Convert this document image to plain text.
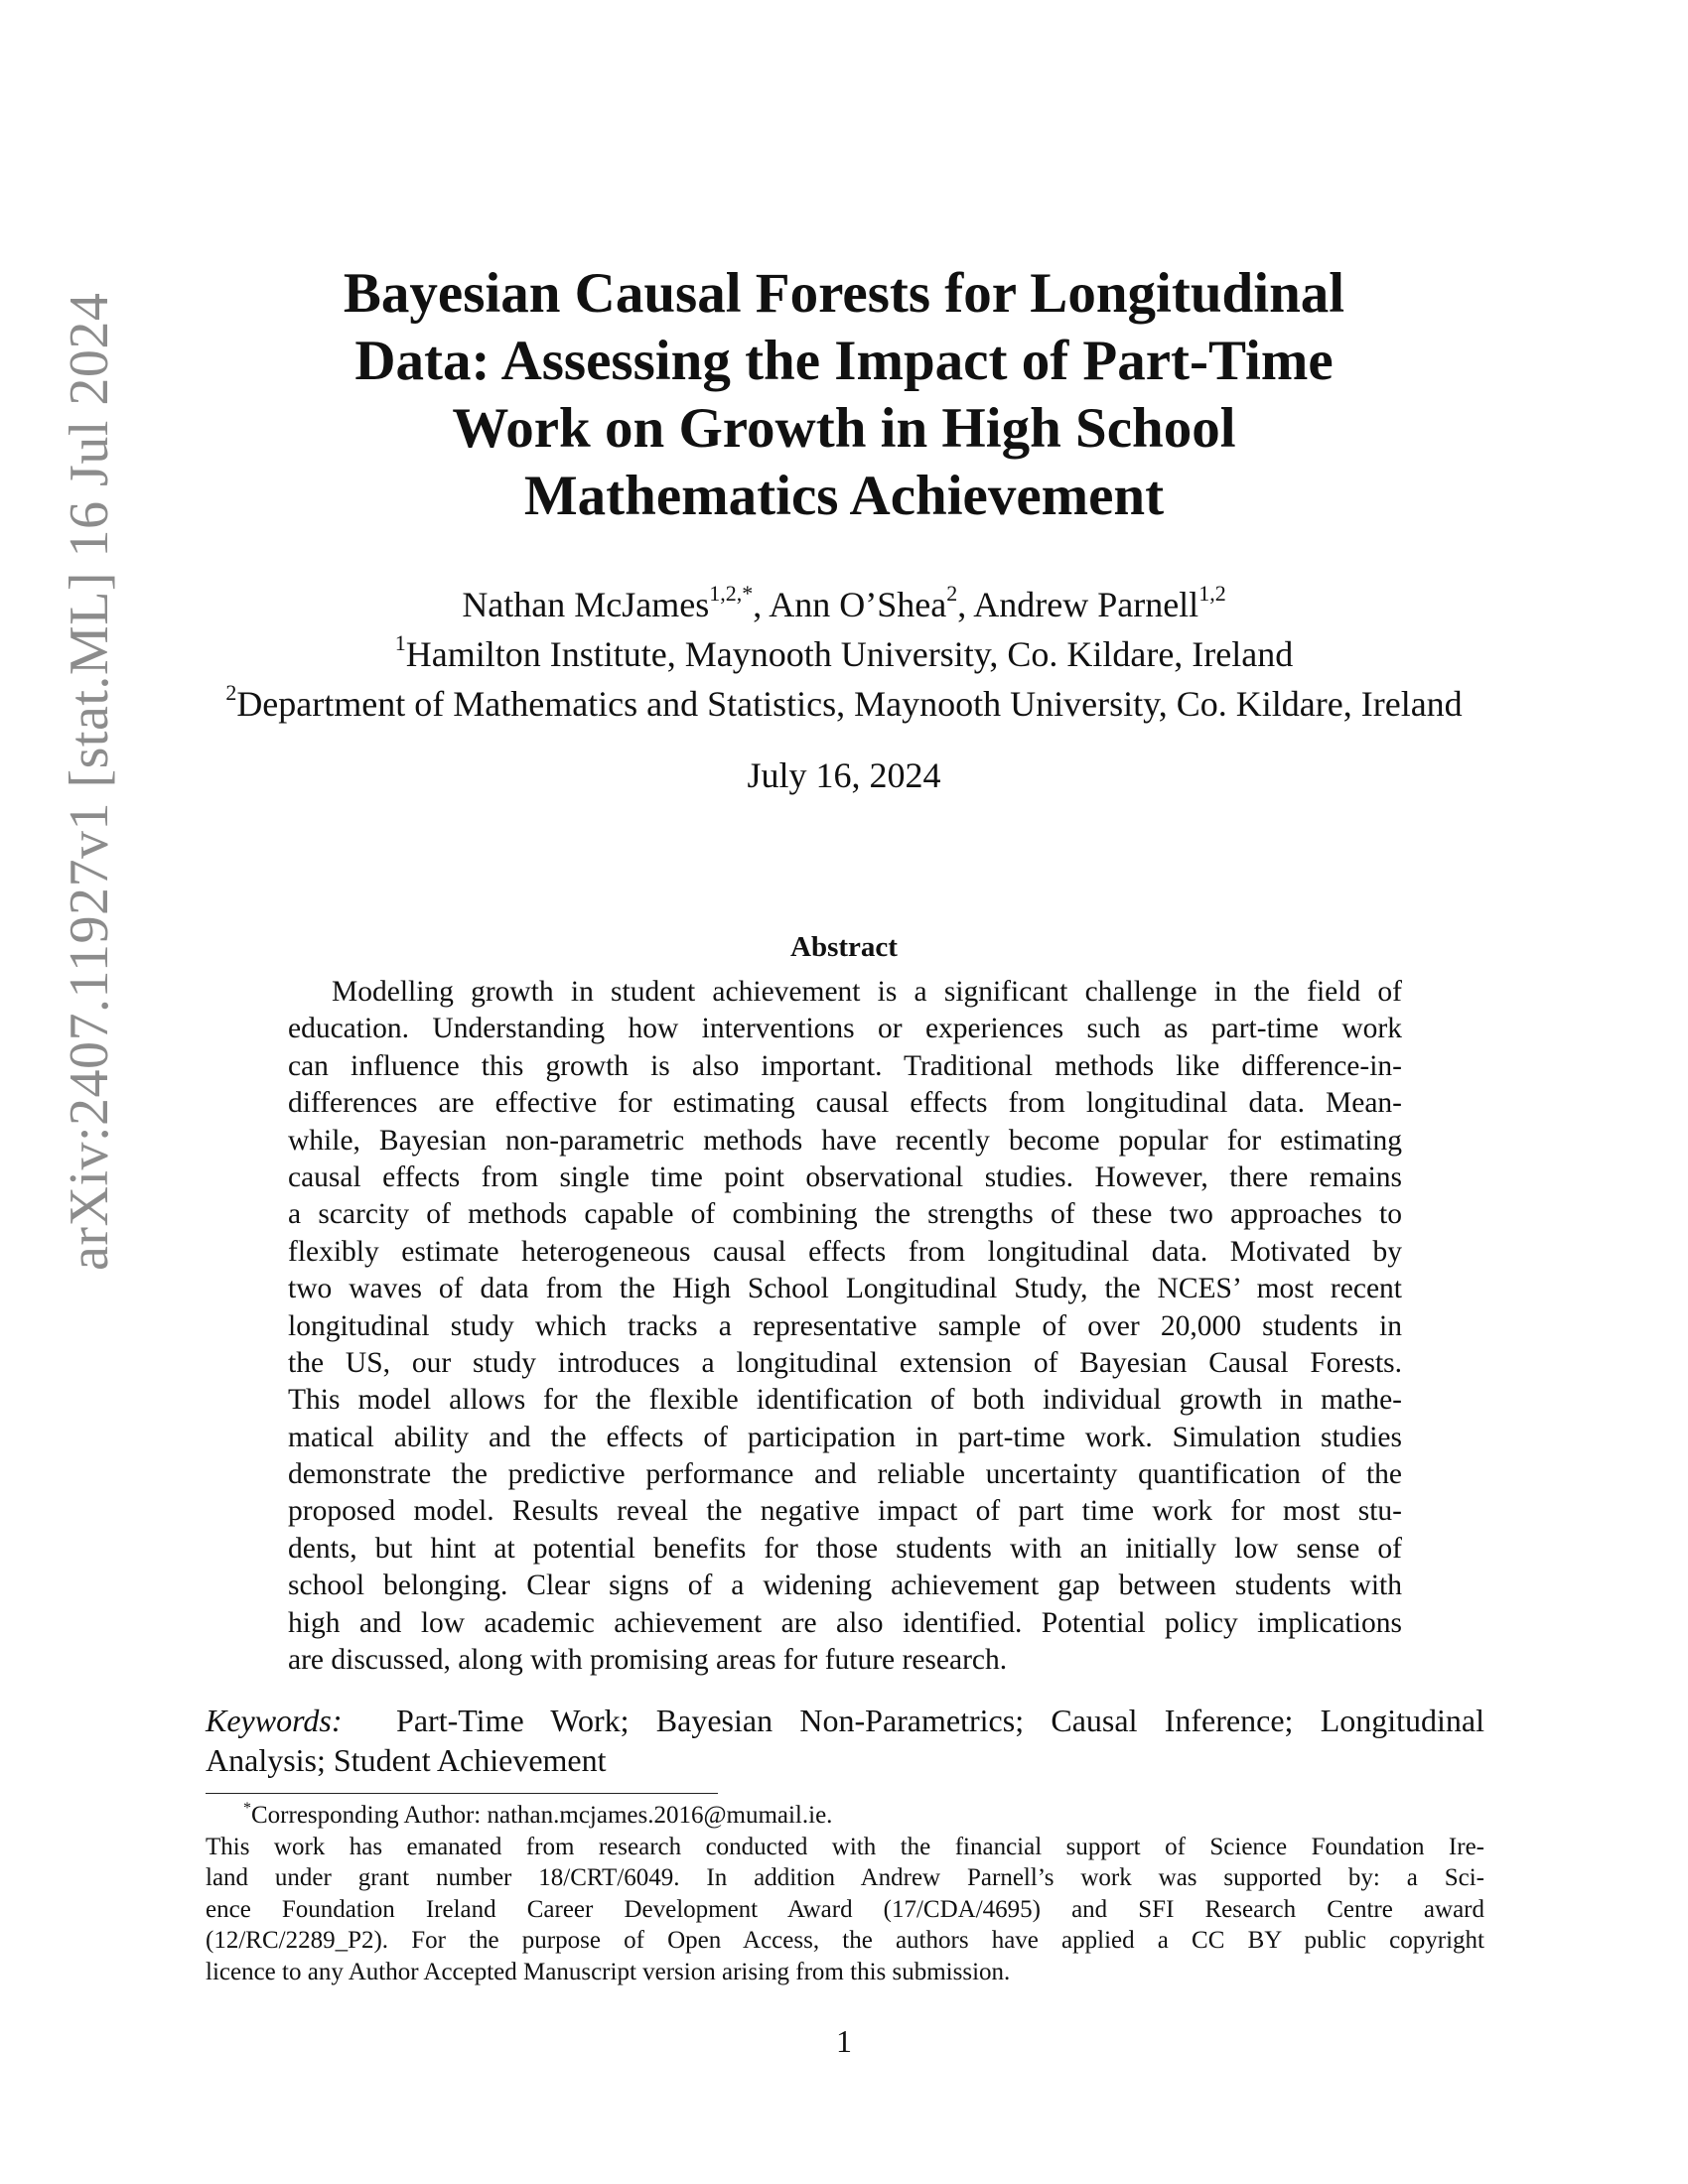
arXiv:2407.11927v1 [stat.ML] 16 Jul 2024	Bayesian Causal Forests for Longitudinal
Data: Assessing the Impact of Part-Time
Work on Growth in High School
Mathematics Achievement
Nathan McJames$^{1,2,*}$, Ann O’Shea$^2$, Andrew Parnell$^{1,2}$
$^1$Hamilton Institute, Maynooth University, Co. Kildare, Ireland
$^2$Department of Mathematics and Statistics, Maynooth University, Co. Kildare, Ireland
July 16, 2024
Abstract
Modelling growth in student achievement is a significant challenge in the field of
education. Understanding how interventions or experiences such as part-time work
can influence this growth is also important. Traditional methods like difference-in-
differences are effective for estimating causal effects from longitudinal data. Mean-
while, Bayesian non-parametric methods have recently become popular for estimating
causal effects from single time point observational studies. However, there remains
a scarcity of methods capable of combining the strengths of these two approaches to
flexibly estimate heterogeneous causal effects from longitudinal data. Motivated by
two waves of data from the High School Longitudinal Study, the NCES’ most recent
longitudinal study which tracks a representative sample of over 20,000 students in
the US, our study introduces a longitudinal extension of Bayesian Causal Forests.
This model allows for the flexible identification of both individual growth in mathe-
matical ability and the effects of participation in part-time work. Simulation studies
demonstrate the predictive performance and reliable uncertainty quantification of the
proposed model. Results reveal the negative impact of part time work for most stu-
dents, but hint at potential benefits for those students with an initially low sense of
school belonging. Clear signs of a widening achievement gap between students with
high and low academic achievement are also identified. Potential policy implications
are discussed, along with promising areas for future research.
Keywords: Part-Time Work; Bayesian Non-Parametrics; Causal Inference; Longitudinal
Analysis; Student Achievement
*Corresponding Author: nathan.mcjames.2016@mumail.ie.
This work has emanated from research conducted with the financial support of Science Foundation Ire-
land under grant number 18/CRT/6049. In addition Andrew Parnell’s work was supported by: a Sci-
ence Foundation Ireland Career Development Award (17/CDA/4695) and SFI Research Centre award
(12/RC/2289_P2). For the purpose of Open Access, the authors have applied a CC BY public copyright
licence to any Author Accepted Manuscript version arising from this submission.
1
